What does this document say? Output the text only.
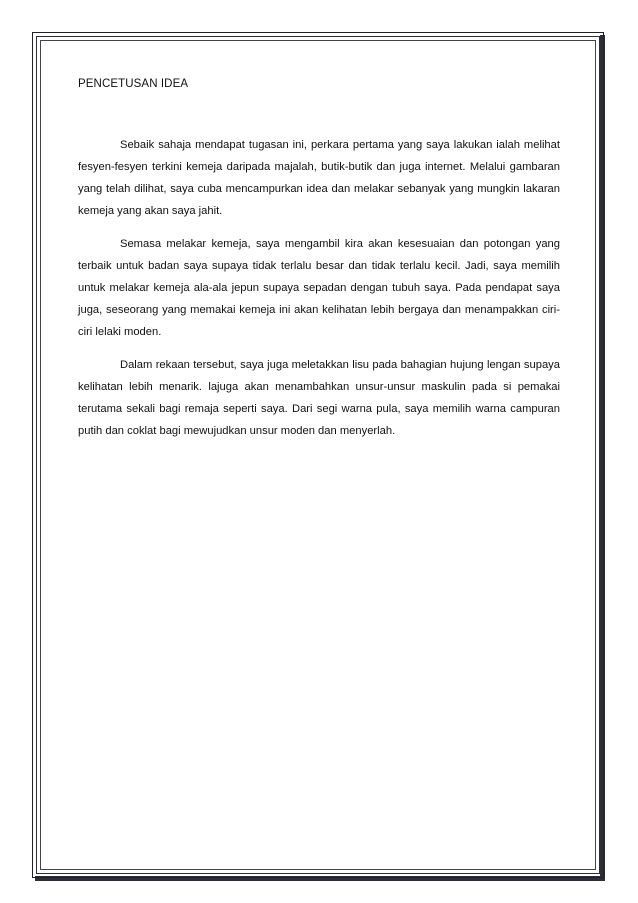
PENCETUSAN IDEA

Sebaik sahaja mendapat tugasan ini, perkara pertama yang saya lakukan ialah melihat fesyen-fesyen terkini kemeja daripada majalah, butik-butik dan juga internet. Melalui gambaran yang telah dilihat, saya cuba mencampurkan idea dan melakar sebanyak yang mungkin lakaran kemeja yang akan saya jahit.

Semasa melakar kemeja, saya mengambil kira akan kesesuaian dan potongan yang terbaik untuk badan saya supaya tidak terlalu besar dan tidak terlalu kecil. Jadi, saya memilih untuk melakar kemeja ala-ala jepun supaya sepadan dengan tubuh saya. Pada pendapat saya juga, seseorang yang memakai kemeja ini akan kelihatan lebih bergaya dan menampakkan ciri-ciri lelaki moden.

Dalam rekaan tersebut, saya juga meletakkan lisu pada bahagian hujung lengan supaya kelihatan lebih menarik. lajuga akan menambahkan unsur-unsur maskulin pada si pemakai terutama sekali bagi remaja seperti saya. Dari segi warna pula, saya memilih warna campuran putih dan coklat bagi mewujudkan unsur moden dan menyerlah.
